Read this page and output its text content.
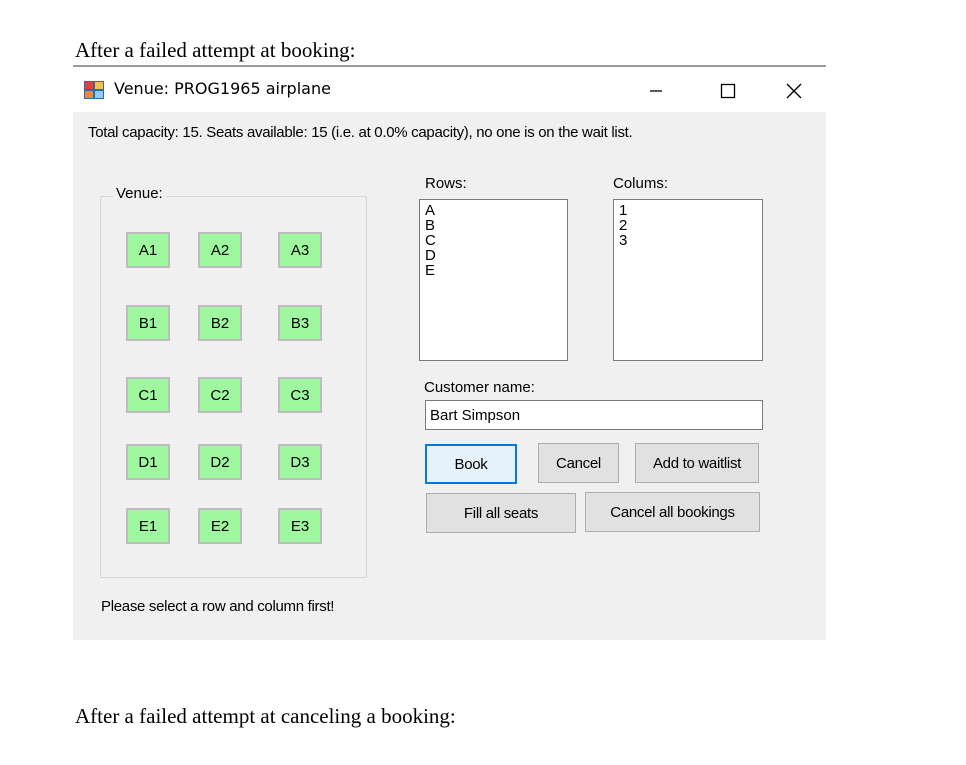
After a failed attempt at booking:
Venue: PROG1965 airplane
Total capacity: 15. Seats available: 15 (i.e. at 0.0% capacity), no one is on the wait list.
Venue:
A1	A2	A3
B1	B2	B3
C1	C2	C3
D1	D2	D3
E1	E2	E3
Rows:
A
B
C
D
E
Colums:
1
2
3
Customer name:
Bart Simpson
Book	Cancel	Add to waitlist
Fill all seats	Cancel all bookings
Please select a row and column first!
After a failed attempt at canceling a booking:
